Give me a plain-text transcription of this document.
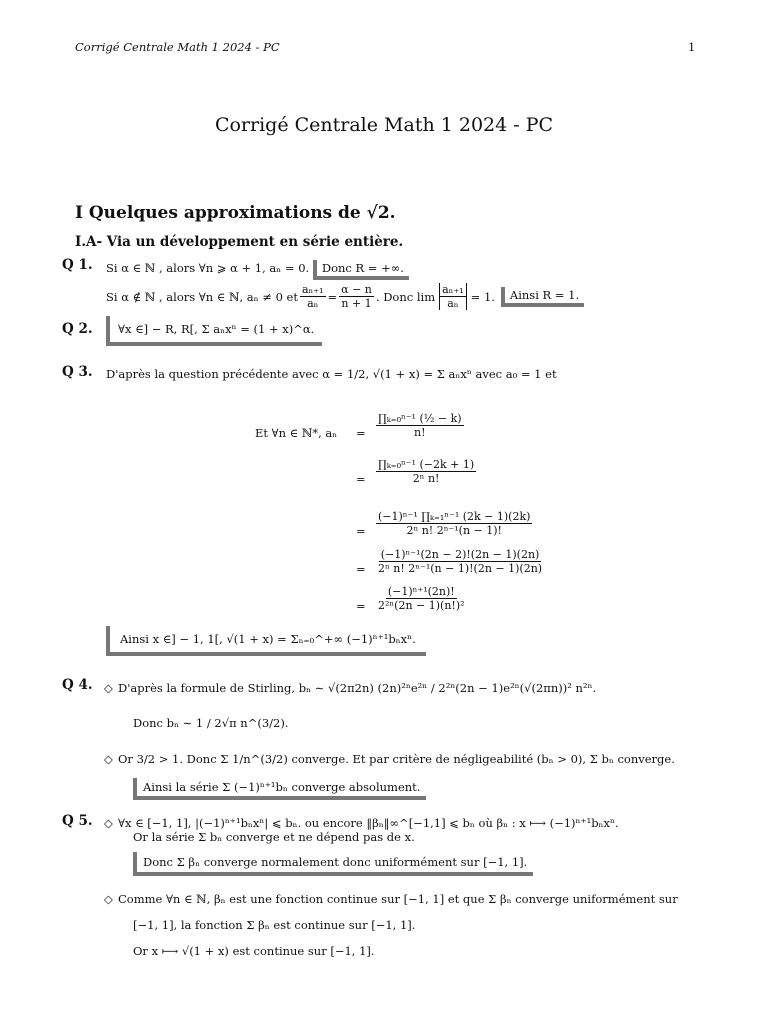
Corrigé Centrale Math 1 2024 - PC	1
Corrigé Centrale Math 1 2024 - PC
I Quelques approximations de √2.
I.A- Via un développement en série entière.
Q 1. Si α ∈ ℕ , alors ∀n ⩾ α + 1, aₙ = 0. Donc R = +∞.
Si α ∉ ℕ , alors ∀n ∈ ℕ, aₙ ≠ 0 et $\frac{\text{aₙ₊₁}}{\text{aₙ}} = \frac{\alpha - n}{n + 1}$ . Donc $\lim \frac{\text{aₙ₊₁}}{\text{aₙ}} = 1$.	Ainsi R = 1.
Q 2.	∀x ∈] − R, R[, Σ aₙxⁿ = (1 + x)^α.
Q 3. D'après la question précédente avec α = 1/2, √(1 + x) = Σ aₙxⁿ avec a₀ = 1 et
Et ∀n ∈ ℕ*, $a_n = \frac{\text{∏ₖ₌₀ⁿ⁻¹ (½ − k)}}{n!}$
= $\frac{\text{∏ₖ₌₀ⁿ⁻¹ (−2k + 1)}}{\text{2ⁿ n!}}$
= $\frac{\text{(−1)ⁿ⁻¹ ∏ₖ₌₁ⁿ⁻¹ (2k − 1)(2k)}}{\text{2ⁿ n! 2ⁿ⁻¹(n − 1)!}}$
= $\frac{\text{(−1)ⁿ⁻¹(2n − 2)!(2n − 1)(2n)}}{\text{2ⁿ n! 2ⁿ⁻¹(n − 1)!(2n − 1)(2n)}}$
= $\frac{\text{(−1)ⁿ⁺¹(2n)!}}{\text{2²ⁿ(2n − 1)(n!)²}}$
Ainsi x ∈] − 1, 1[, √(1 + x) = Σₙ₌₀^+∞ (−1)ⁿ⁺¹bₙxⁿ.
Q 4. ◇ D'après la formule de Stirling, bₙ ∼ √(2π2n) (2n)²ⁿe²ⁿ / 2²ⁿ(2n − 1)e²ⁿ(√(2πn))² n²ⁿ.
Donc bₙ ∼ 1 / 2√π n^(3/2).
◇ Or 3/2 > 1. Donc Σ 1/n^(3/2) converge. Et par critère de négligeabilité (bₙ > 0), Σ bₙ converge.
Ainsi la série Σ (−1)ⁿ⁺¹bₙ converge absolument.
Q 5. ◇ ∀x ∈ [−1, 1], |(−1)ⁿ⁺¹bₙxⁿ| ⩽ bₙ. ou encore ‖βₙ‖∞^[−1,1] ⩽ bₙ où βₙ : x ⟼ (−1)ⁿ⁺¹bₙxⁿ.
Or la série Σ bₙ converge et ne dépend pas de x.
Donc Σ βₙ converge normalement donc uniformément sur [−1, 1].
◇ Comme ∀n ∈ ℕ, βₙ est une fonction continue sur [−1, 1] et que Σ βₙ converge uniformément sur
[−1, 1], la fonction Σ βₙ est continue sur [−1, 1].
Or x ⟼ √(1 + x) est continue sur [−1, 1].
